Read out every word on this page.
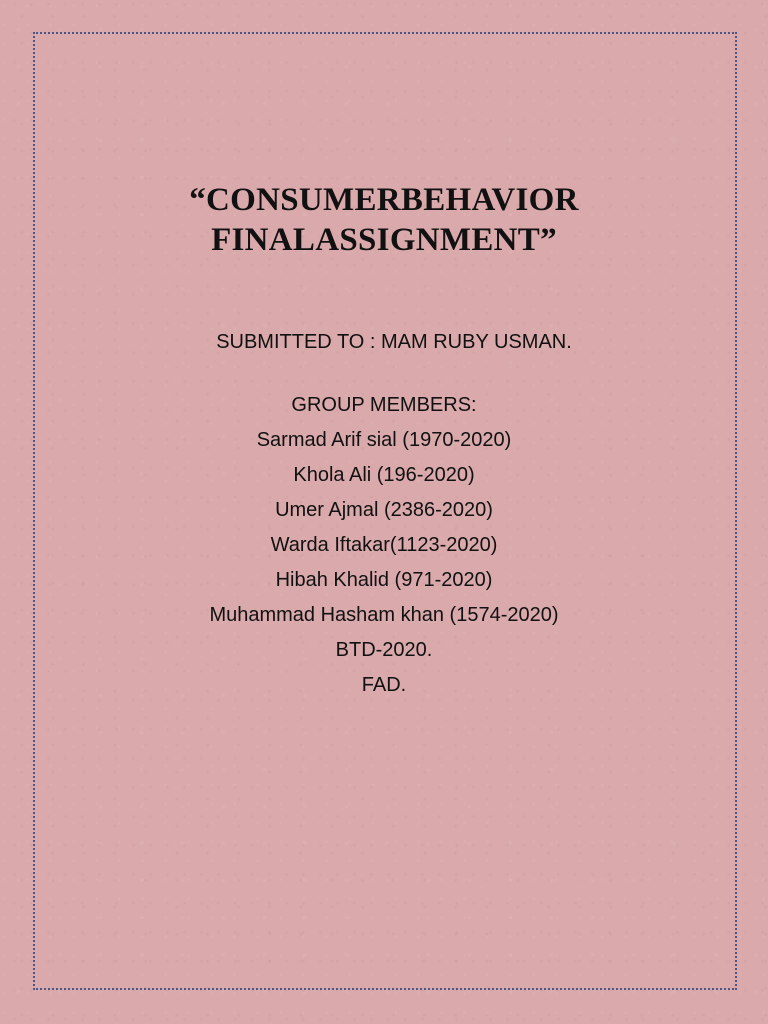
“CONSUMERBEHAVIOR
FINALASSIGNMENT”
SUBMITTED TO : MAM RUBY USMAN.
GROUP MEMBERS:
Sarmad Arif sial (1970-2020)
Khola Ali (196-2020)
Umer Ajmal (2386-2020)
Warda Iftakar(1123-2020)
Hibah Khalid (971-2020)
Muhammad Hasham khan (1574-2020)
BTD-2020.
FAD.
